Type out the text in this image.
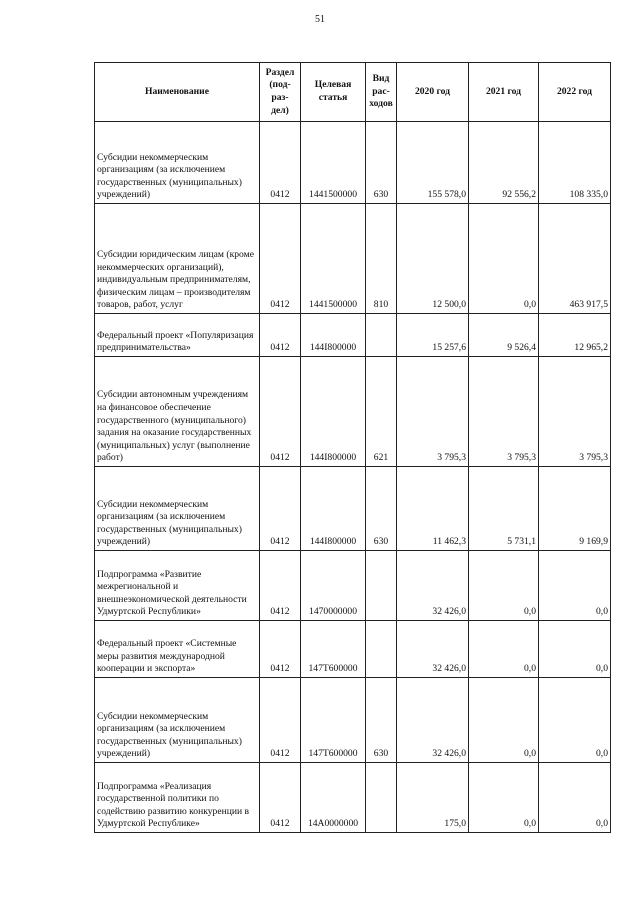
51
Наименование	Раздел (под- раз- дел)	Целевая статья	Вид рас- ходов	2020 год	2021 год	2022 год
Субсидии некоммерческим организациям (за исключением государственных (муниципальных) учреждений)	0412	1441500000	630	155 578,0	92 556,2	108 335,0
Субсидии юридическим лицам (кроме некоммерческих организаций), индивидуальным предпринимателям, физическим лицам – производителям товаров, работ, услуг	0412	1441500000	810	12 500,0	0,0	463 917,5
Федеральный проект «Популяризация предпринимательства»	0412	144I800000		15 257,6	9 526,4	12 965,2
Субсидии автономным учреждениям на финансовое обеспечение государственного (муниципального) задания на оказание государственных (муниципальных) услуг (выполнение работ)	0412	144I800000	621	3 795,3	3 795,3	3 795,3
Субсидии некоммерческим организациям (за исключением государственных (муниципальных) учреждений)	0412	144I800000	630	11 462,3	5 731,1	9 169,9
Подпрограмма «Развитие межрегиональной и внешнеэкономической деятельности Удмуртской Республики»	0412	1470000000		32 426,0	0,0	0,0
Федеральный проект «Системные меры развития международной кооперации и экспорта»	0412	147T600000		32 426,0	0,0	0,0
Субсидии некоммерческим организациям (за исключением государственных (муниципальных) учреждений)	0412	147T600000	630	32 426,0	0,0	0,0
Подпрограмма «Реализация государственной политики по содействию развитию конкуренции в Удмуртской Республике»	0412	14A0000000		175,0	0,0	0,0
